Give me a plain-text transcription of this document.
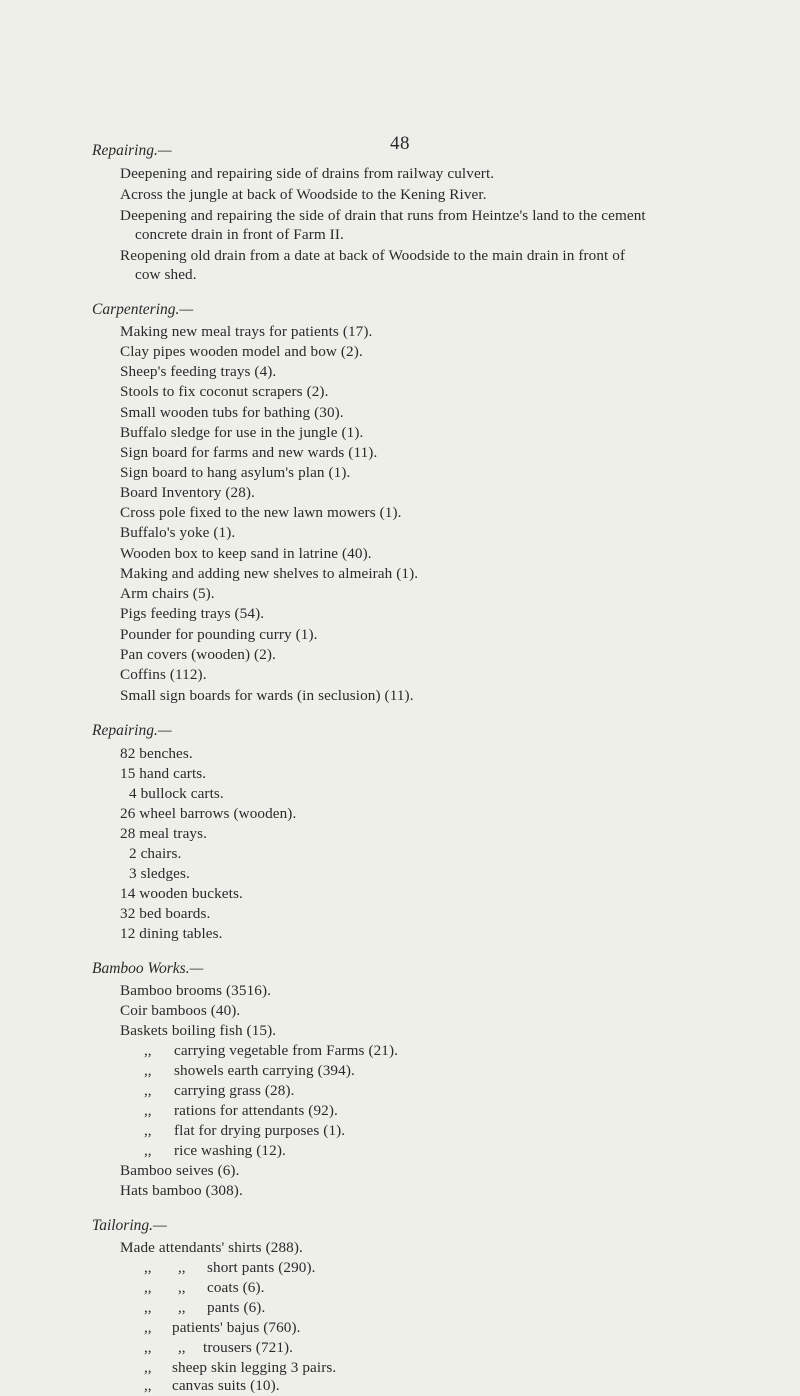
48
Repairing.—
Deepening and repairing side of drains from railway culvert.
Across the jungle at back of Woodside to the Kening River.
Deepening and repairing the side of drain that runs from Heintze's land to the cement
concrete drain in front of Farm II.
Reopening old drain from a date at back of Woodside to the main drain in front of
cow shed.
Carpentering.—
Making new meal trays for patients (17).
Clay pipes wooden model and bow (2).
Sheep's feeding trays (4).
Stools to fix coconut scrapers (2).
Small wooden tubs for bathing (30).
Buffalo sledge for use in the jungle (1).
Sign board for farms and new wards (11).
Sign board to hang asylum's plan (1).
Board Inventory (28).
Cross pole fixed to the new lawn mowers (1).
Buffalo's yoke (1).
Wooden box to keep sand in latrine (40).
Making and adding new shelves to almeirah (1).
Arm chairs (5).
Pigs feeding trays (54).
Pounder for pounding curry (1).
Pan covers (wooden) (2).
Coffins (112).
Small sign boards for wards (in seclusion) (11).
Repairing.—
82 benches.
15 hand carts.
4 bullock carts.
26 wheel barrows (wooden).
28 meal trays.
2 chairs.
3 sledges.
14 wooden buckets.
32 bed boards.
12 dining tables.
Bamboo Works.—
Bamboo brooms (3516).
Coir bamboos (40).
Baskets boiling fish (15).
,, carrying vegetable from Farms (21).
,, showels earth carrying (394).
,, carrying grass (28).
,, rations for attendants (92).
,, flat for drying purposes (1).
,, rice washing (12).
Bamboo seives (6).
Hats bamboo (308).
Tailoring.—
Made attendants' shirts (288).
,, ,, short pants (290).
,, ,, coats (6).
,, ,, pants (6).
,, patients' bajus (760).
,, ,, trousers (721).
,, sheep skin legging 3 pairs.
,, canvas suits (10).
